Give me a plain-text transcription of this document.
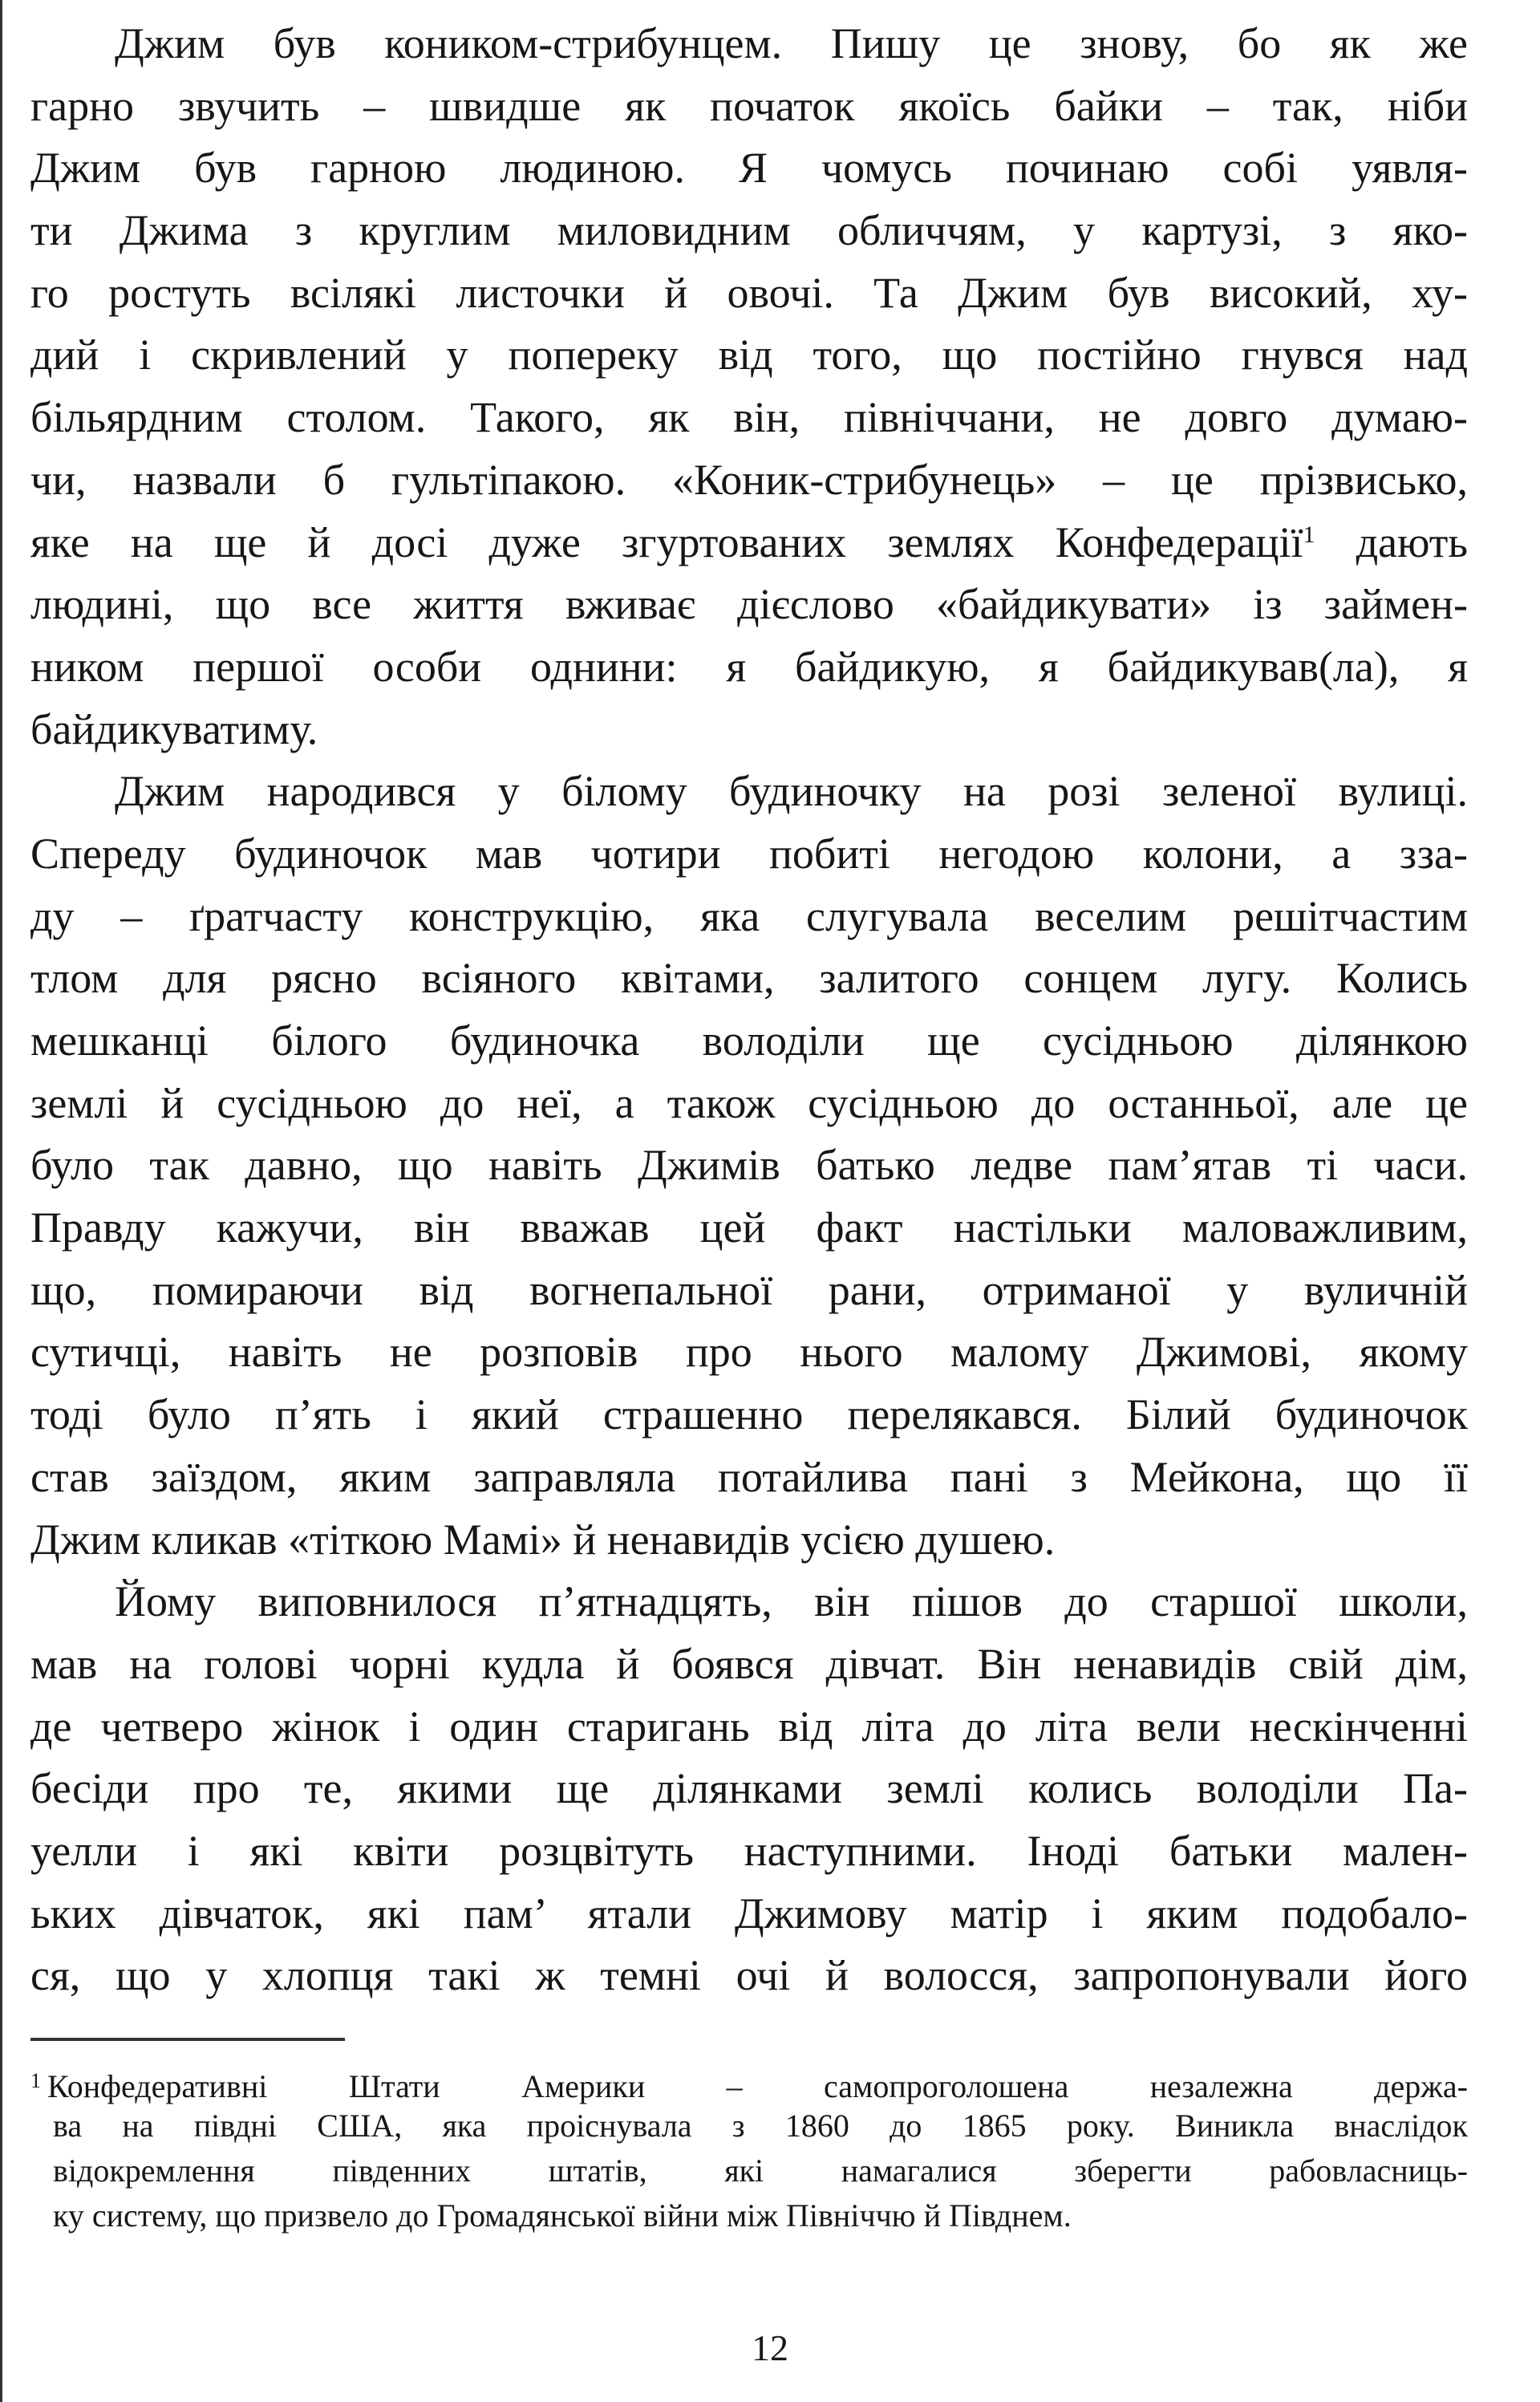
Джим був коником-стрибунцем. Пишу це знову, бо як же
гарно звучить – швидше як початок якоїсь байки – так, ніби
Джим був гарною людиною. Я чомусь починаю собі уявля-
ти Джима з круглим миловидним обличчям, у картузі, з яко-
го ростуть всілякі листочки й овочі. Та Джим був високий, ху-
дий і скривлений у попереку від того, що постійно гнувся над
більярдним столом. Такого, як він, північчани, не довго думаю-
чи, назвали б гультіпакою. «Коник-стрибунець» – це прізвисько,
яке на ще й досі дуже згуртованих землях Конфедерації$^1$ дають
людині, що все життя вживає дієслово «байдикувати» із займен-
ником першої особи однини: я байдикую, я байдикував(ла), я
байдикуватиму.
Джим народився у білому будиночку на розі зеленої вулиці.
Спереду будиночок мав чотири побиті негодою колони, а зза-
ду – ґратчасту конструкцію, яка слугувала веселим решітчастим
тлом для рясно всіяного квітами, залитого сонцем лугу. Колись
мешканці білого будиночка володіли ще сусідньою ділянкою
землі й сусідньою до неї, а також сусідньою до останньої, але це
було так давно, що навіть Джимів батько ледве пам’ятав ті часи.
Правду кажучи, він вважав цей факт настільки маловажливим,
що, помираючи від вогнепальної рани, отриманої у вуличній
сутичці, навіть не розповів про нього малому Джимові, якому
тоді було п’ять і який страшенно перелякався. Білий будиночок
став заїздом, яким заправляла потайлива пані з Мейкона, що її
Джим кликав «тіткою Мамі» й ненавидів усією душею.
Йому виповнилося п’ятнадцять, він пішов до старшої школи,
мав на голові чорні кудла й боявся дівчат. Він ненавидів свій дім,
де четверо жінок і один старигань від літа до літа вели нескінченні
бесіди про те, якими ще ділянками землі колись володіли Па-
уелли і які квіти розцвітуть наступними. Іноді батьки мален-
ьких дівчаток, які пам’ ятали Джимову матір і яким подобало-
ся, що у хлопця такі ж темні очі й волосся, запропонували його
$^1$ Конфедеративні Штати Америки – самопроголошена незалежна держа-
ва на півдні США, яка проіснувала з 1860 до 1865 року. Виникла внаслідок
відокремлення південних штатів, які намагалися зберегти рабовласниць-
ку систему, що призвело до Громадянської війни між Північчю й Півднем.
12
